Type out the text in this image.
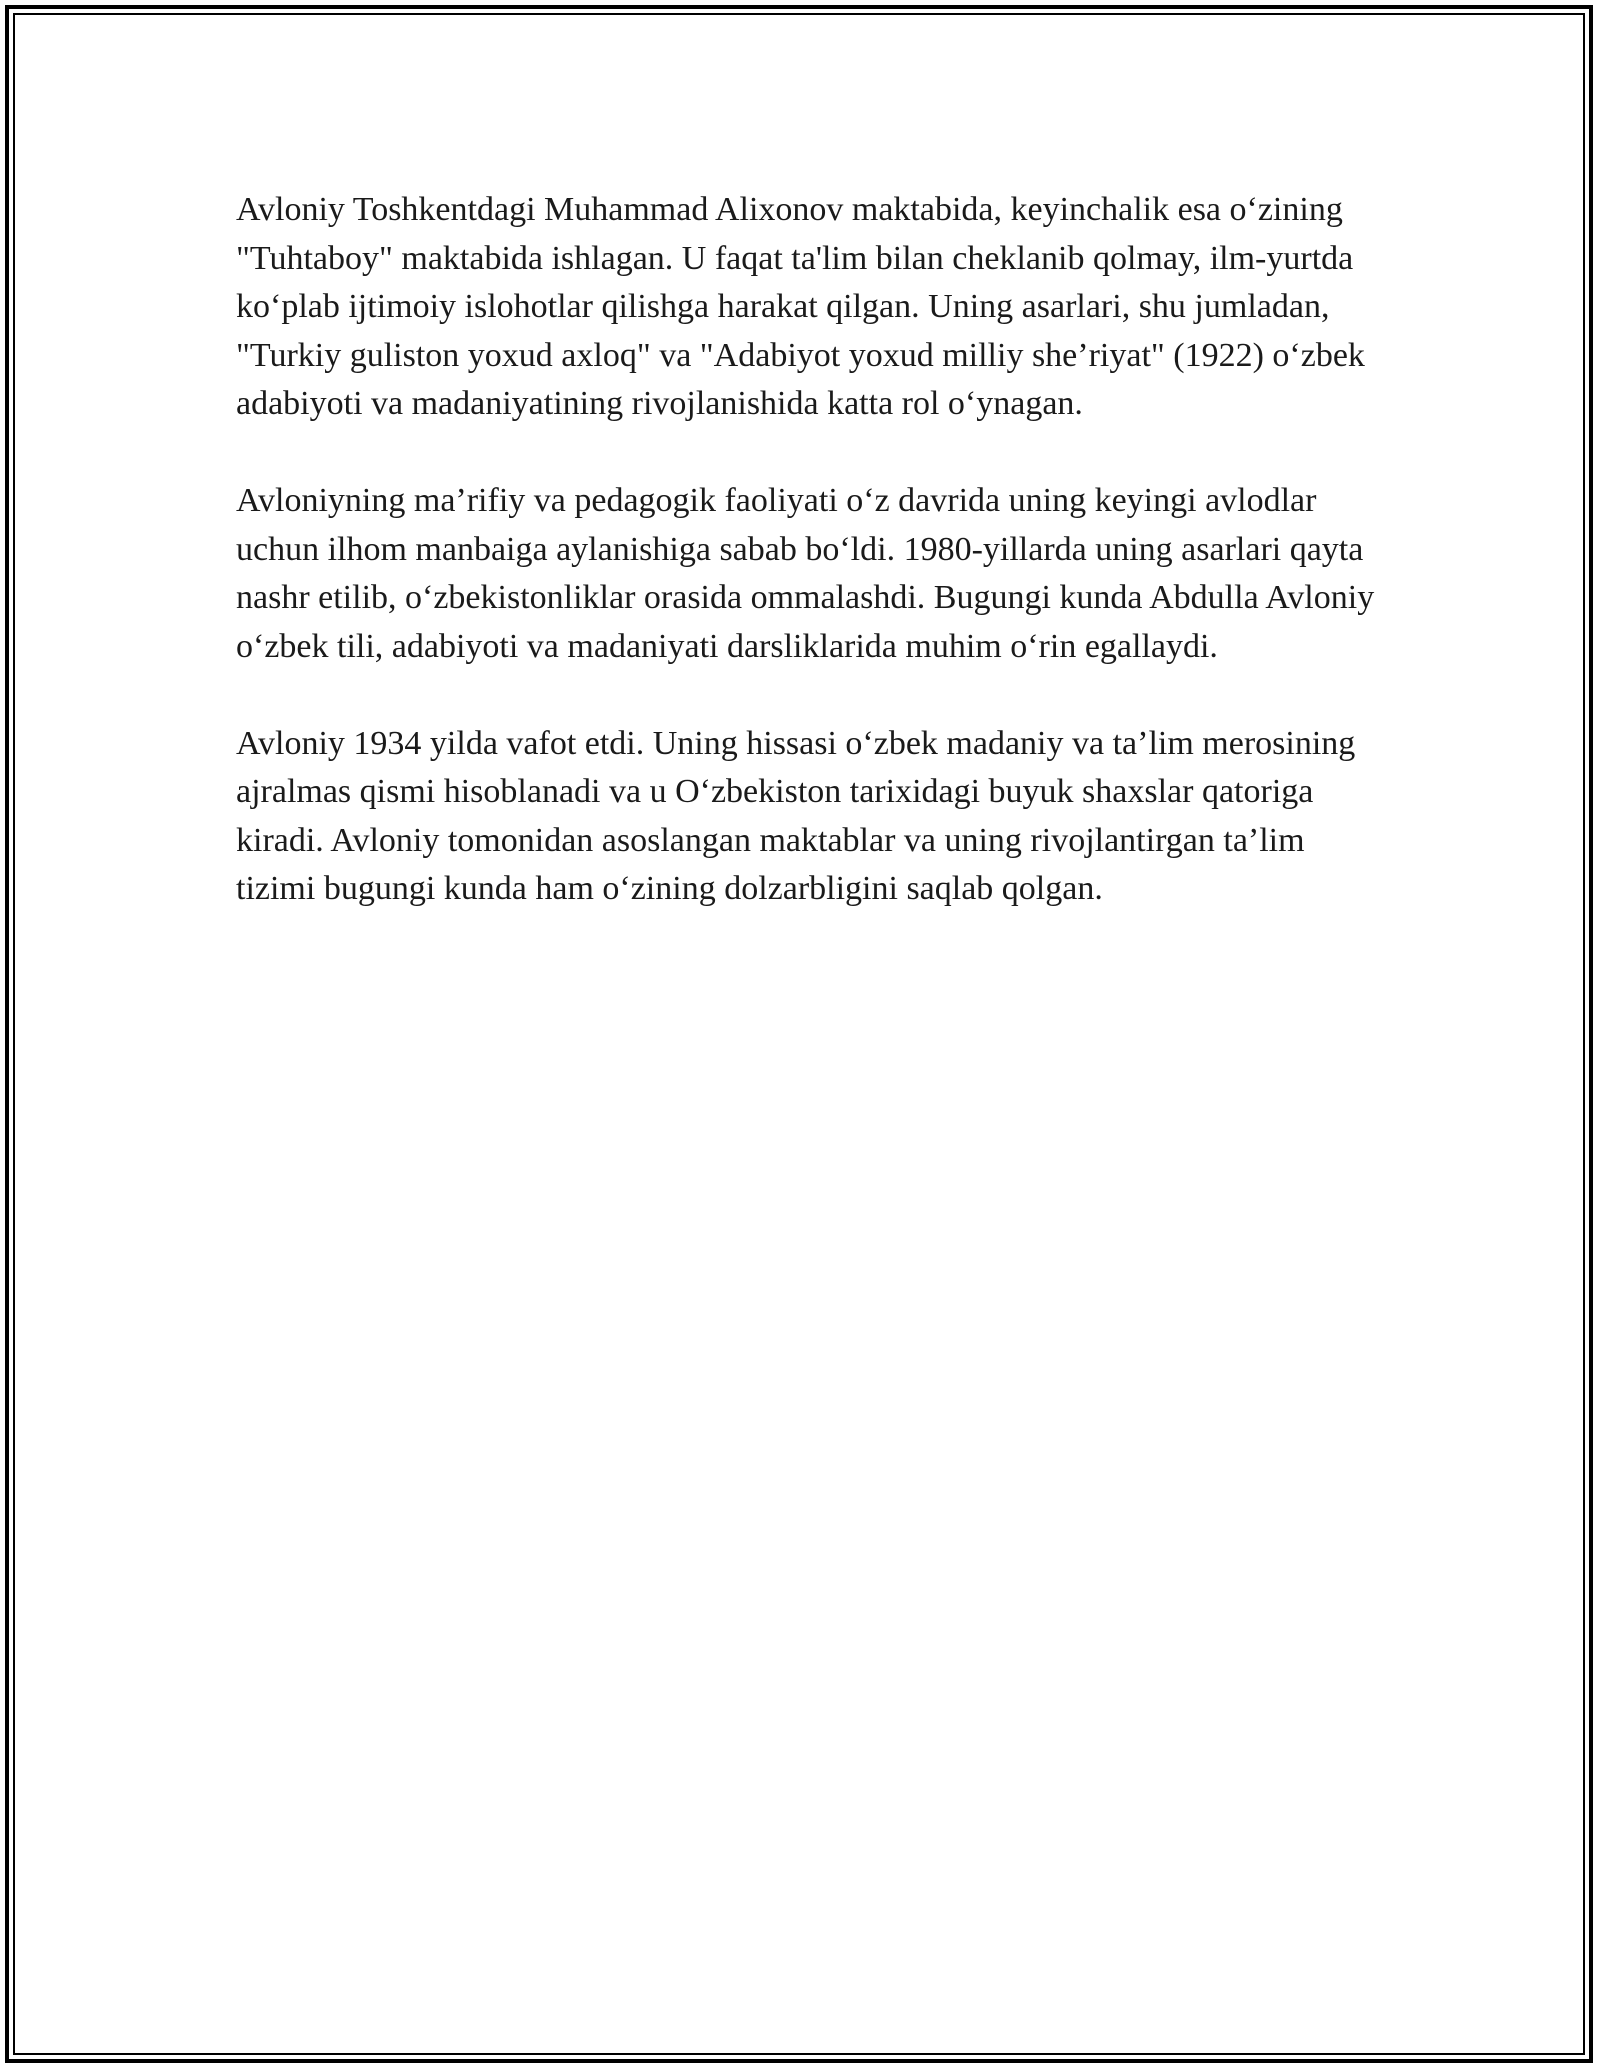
Avloniy Toshkentdagi Muhammad Alixonov maktabida, keyinchalik esa o‘zining "Tuhtaboy" maktabida ishlagan. U faqat ta'lim bilan cheklanib qolmay, ilm-yurtda ko‘plab ijtimoiy islohotlar qilishga harakat qilgan. Uning asarlari, shu jumladan, "Turkiy guliston yoxud axloq" va "Adabiyot yoxud milliy she’riyat" (1922) o‘zbek adabiyoti va madaniyatining rivojlanishida katta rol o‘ynagan.

Avloniyning ma’rifiy va pedagogik faoliyati o‘z davrida uning keyingi avlodlar uchun ilhom manbaiga aylanishiga sabab bo‘ldi. 1980-yillarda uning asarlari qayta nashr etilib, o‘zbekistonliklar orasida ommalashdi. Bugungi kunda Abdulla Avloniy o‘zbek tili, adabiyoti va madaniyati darsliklarida muhim o‘rin egallaydi.

Avloniy 1934 yilda vafot etdi. Uning hissasi o‘zbek madaniy va ta’lim merosining ajralmas qismi hisoblanadi va u O‘zbekiston tarixidagi buyuk shaxslar qatoriga kiradi. Avloniy tomonidan asoslangan maktablar va uning rivojlantirgan ta’lim tizimi bugungi kunda ham o‘zining dolzarbligini saqlab qolgan.
